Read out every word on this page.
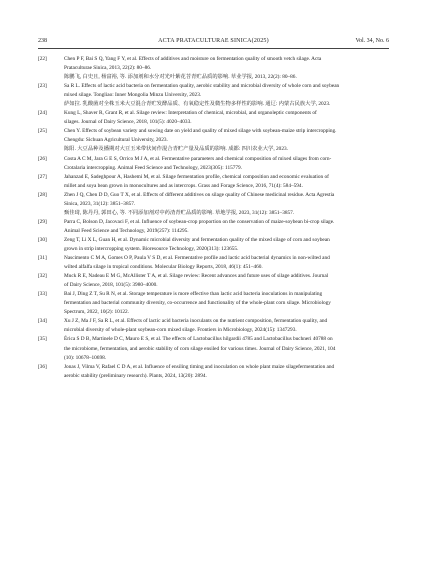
238	ACTA PRATACULTURAE SINICA(2025)	Vol. 34, No. 6
[22]	Chen P F, Bai S Q, Yang F Y, et al. Effects of additives and moisture on fermentation quality of smooth vetch silage. Acta
Prataculturae Sinica, 2013, 22(2): 80–86.
陈鹏飞, 白史且, 杨富裕, 等. 添加剂和水分对光叶紫花苕青贮品质的影响. 草业学报, 2013, 22(2): 80–86.
[23]	Sa R L. Effects of lactic acid bacteria on fermentation quality, aerobic stability and microbial diversity of whole corn and soybean
mixed silage. Tongliao: Inner Mongolia Minzu University, 2023.
萨如拉. 乳酸菌对全株玉米大豆混合青贮发酵品质、有氧稳定性及微生物多样性的影响. 通辽: 内蒙古民族大学, 2023.
[24]	Kung L, Shaver R, Grant R, et al. Silage review: Interpretation of chemical, microbial, and organoleptic components of
silages. Journal of Dairy Science, 2018, 101(5): 4020–4033.
[25]	Chen Y. Effects of soybean variety and sowing date on yield and quality of mixed silage with soybean-maize strip intercropping.
Chengdu: Sichuan Agricultural University, 2023.
陈阳. 大豆品种及播期对大豆玉米带状间作混合青贮产量及品质的影响. 成都: 四川农业大学, 2023.
[26]	Costa A C M, Jara G E S, Orrico M J A, et al. Fermentative parameters and chemical composition of mixed silages from corn-
Crotalaria intercropping. Animal Feed Science and Technology, 2023(305): 115779.
[27]	Jahanzad E, Sadeghpour A, Hashemi M, et al. Silage fermentation profile, chemical composition and economic evaluation of
millet and soya bean grown in monocultures and as intercrops. Grass and Forage Science, 2016, 71(4): 584–594.
[28]	Zhen J Q, Chen D D, Guo T X, et al. Effects of different additives on silage quality of Chinese medicinal residue. Acta Agrestia
Sinica, 2023, 31(12): 3851–3857.
甄佳琦, 陈丹丹, 郭田心, 等. 不同添加剂对中药渣青贮品质的影响. 草地学报, 2023, 31(12): 3851–3857.
[29]	Parra C, Bolson D, Jacovaci F, et al. Influence of soybean-crop proportion on the conservation of maize-soybean bi-crop silage.
Animal Feed Science and Technology, 2019(257): 114295.
[30]	Zeng T, Li X L, Guan H, et al. Dynamic microbial diversity and fermentation quality of the mixed silage of corn and soybean
grown in strip intercropping system. Bioresource Technology, 2020(313): 123655.
[31]	Nascimento C M A, Gomes O P, Paula V S D, et al. Fermentative profile and lactic acid bacterial dynamics in non-wilted and
wilted alfalfa silage in tropical conditions. Molecular Biology Reports, 2018, 46(1): 451–460.
[32]	Muck R E, Nadeau E M G, McAllister T A, et al. Silage review: Recent advances and future uses of silage additives. Journal
of Dairy Science, 2018, 101(5): 3980–4000.
[33]	Bai J, Ding Z T, Su R N, et al. Storage temperature is more effective than lactic acid bacteria inoculations in manipulating
fermentation and bacterial community diversity, co-occurrence and functionality of the whole-plant corn silage. Microbiology
Spectrum, 2022, 10(2): 10122.
[34]	Xu J Z, Ma J F, Sa R L, et al. Effects of lactic acid bacteria inoculants on the nutrient composition, fermentation quality, and
microbial diversity of whole-plant soybean-corn mixed silage. Frontiers in Microbiology, 2024(15): 1347293.
[35]	Érica S D B, Martinele D C, Mauro E S, et al. The effects of Lactobacillus hilgardii 4785 and Lactobacillus buchneri 40788 on
the microbiome, fermentation, and aerobic stability of corn silage ensiled for various times. Journal of Dairy Science, 2021, 104
(10): 10678–10698.
[36]	Jonas J, Vilma V, Rafael C D A, et al. Influence of ensiling timing and inoculation on whole plant maize silagefermentation and
aerobic stability (preliminary research). Plants, 2024, 13(20): 2894.
